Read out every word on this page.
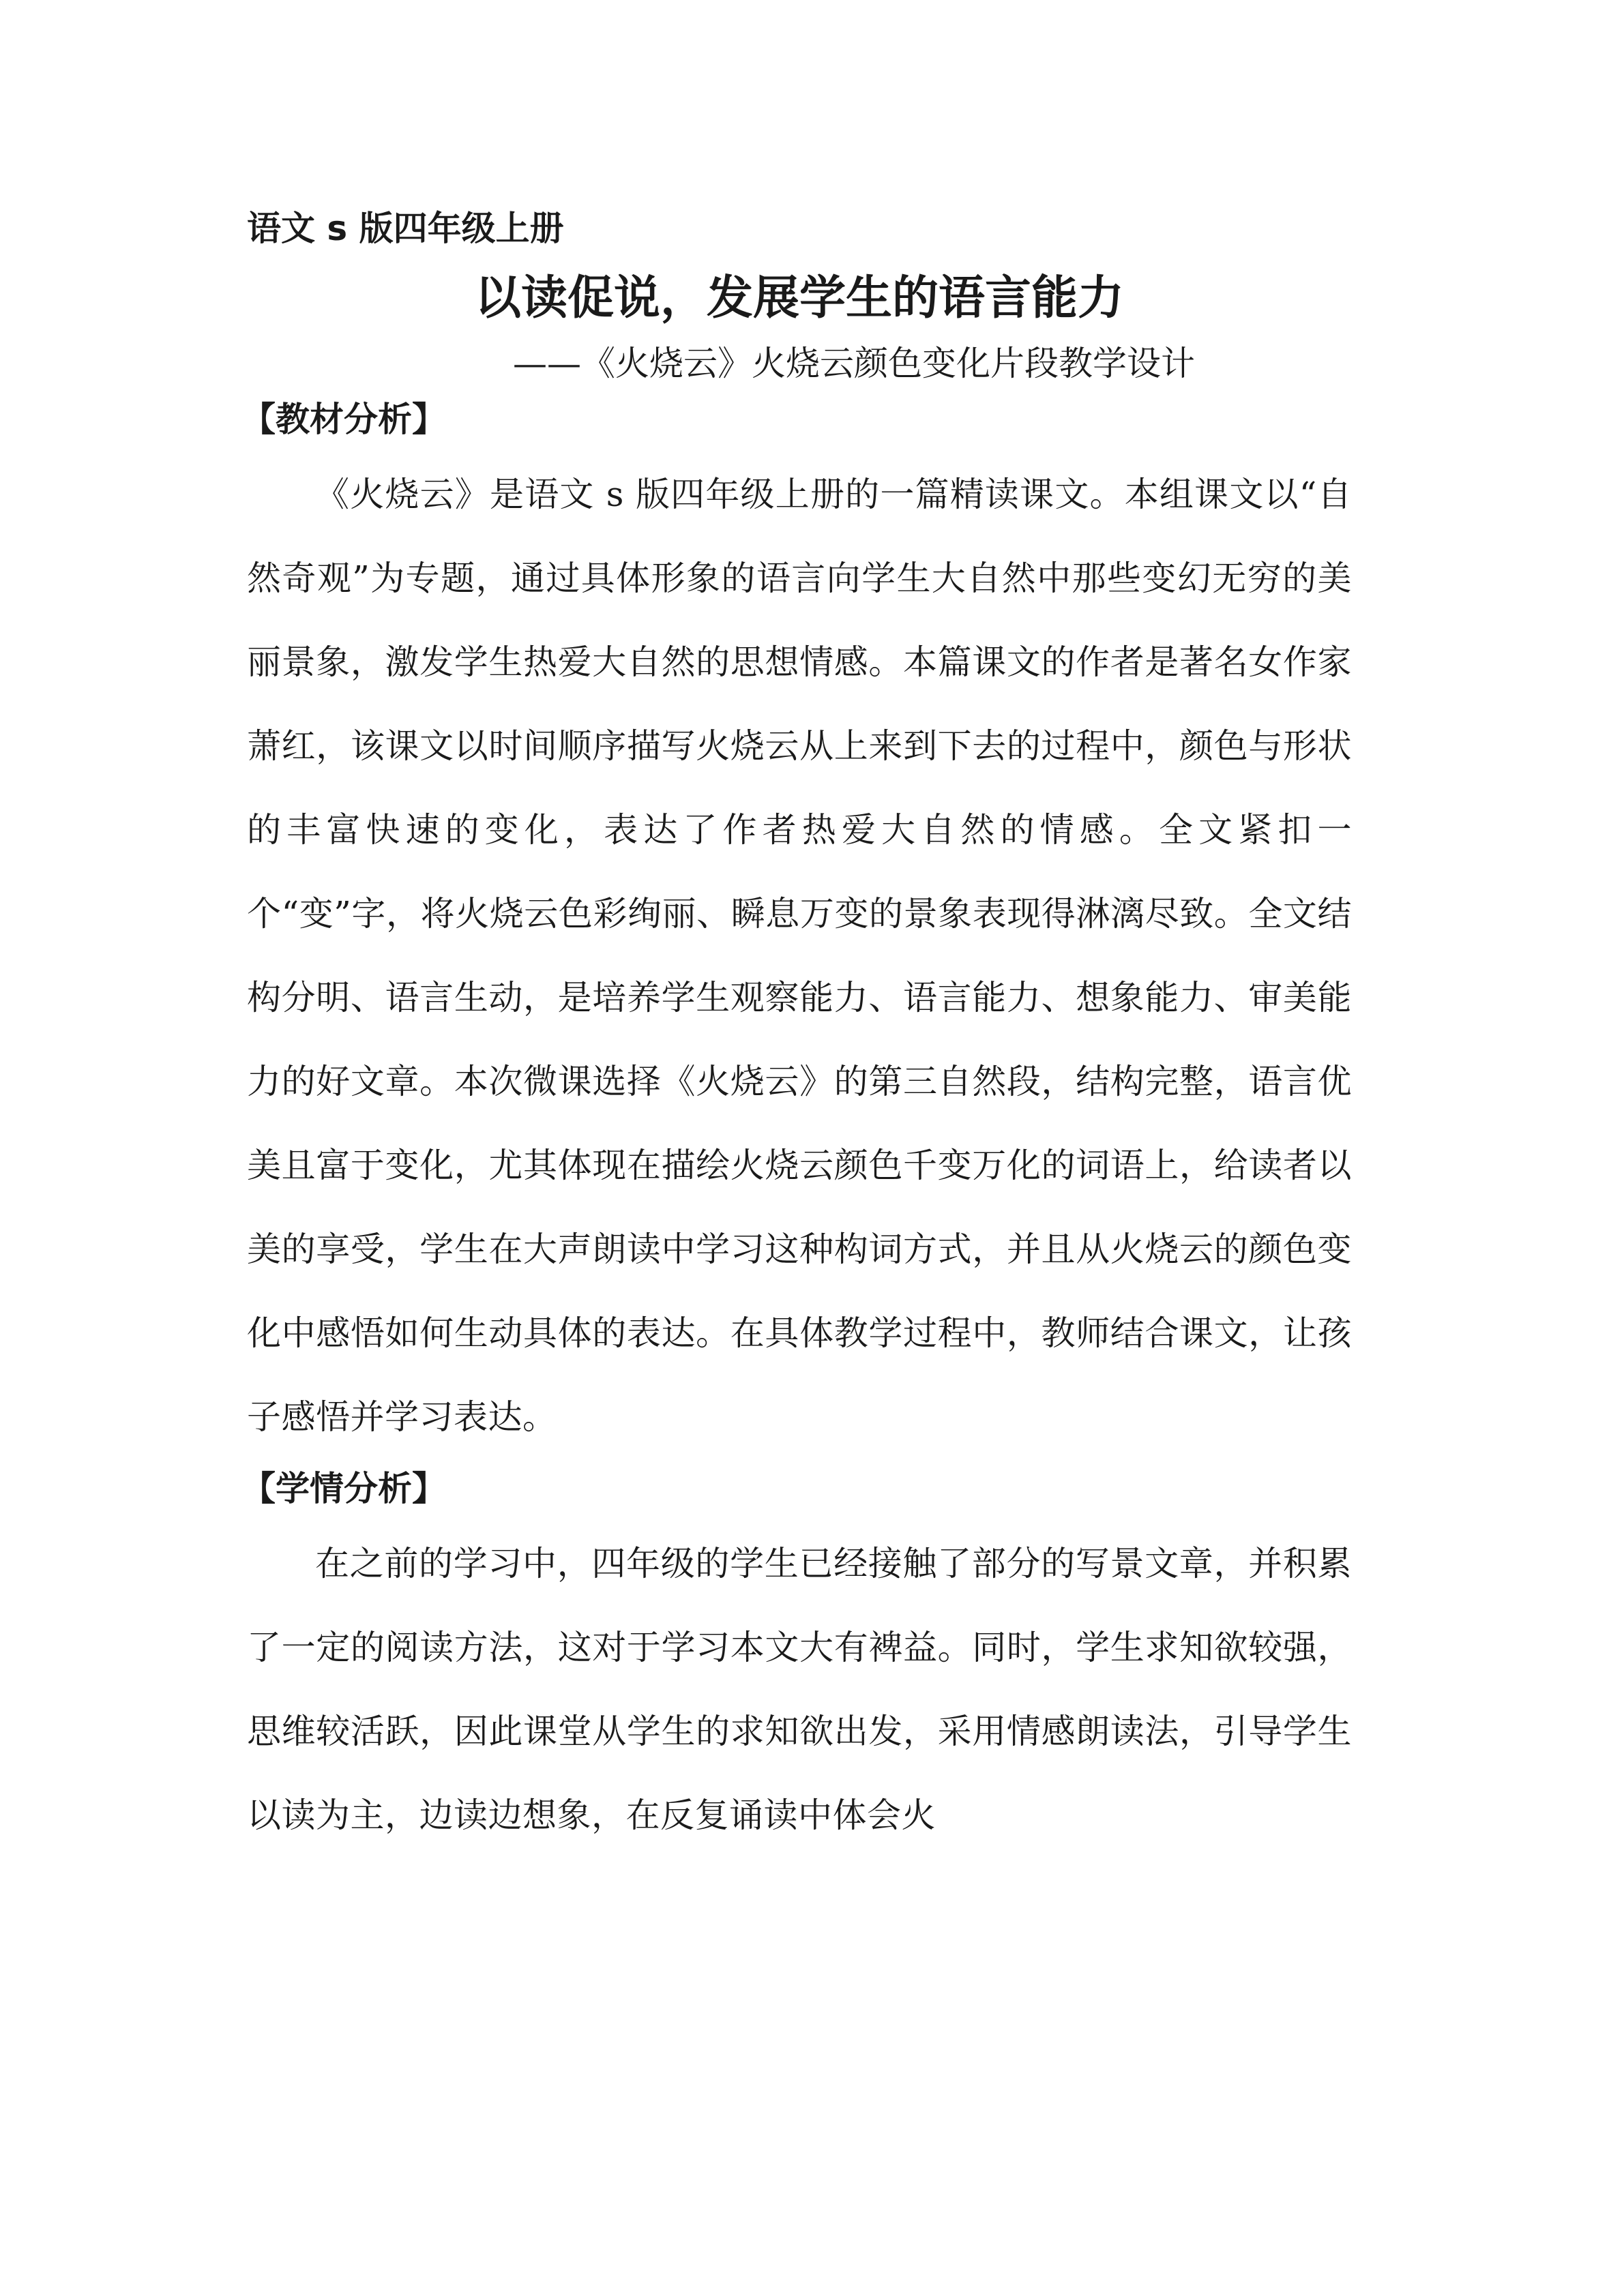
语文 s 版四年级上册

以读促说，发展学生的语言能力

——《火烧云》火烧云颜色变化片段教学设计

【教材分析】

《火烧云》是语文 s 版四年级上册的一篇精读课文。本组课文以“自然奇观”为专题，通过具体形象的语言向学生大自然中那些变幻无穷的美丽景象，激发学生热爱大自然的思想情感。本篇课文的作者是著名女作家萧红，该课文以时间顺序描写火烧云从上来到下去的过程中，颜色与形状的丰富快速的变化，表达了作者热爱大自然的情感。全文紧扣一个“变”字，将火烧云色彩绚丽、瞬息万变的景象表现得淋漓尽致。全文结构分明、语言生动，是培养学生观察能力、语言能力、想象能力、审美能力的好文章。本次微课选择《火烧云》的第三自然段，结构完整，语言优美且富于变化，尤其体现在描绘火烧云颜色千变万化的词语上，给读者以美的享受，学生在大声朗读中学习这种构词方式，并且从火烧云的颜色变化中感悟如何生动具体的表达。在具体教学过程中，教师结合课文，让孩子感悟并学习表达。

【学情分析】

在之前的学习中，四年级的学生已经接触了部分的写景文章，并积累了一定的阅读方法，这对于学习本文大有裨益。同时，学生求知欲较强，思维较活跃，因此课堂从学生的求知欲出发，采用情感朗读法，引导学生以读为主，边读边想象，在反复诵读中体会火
